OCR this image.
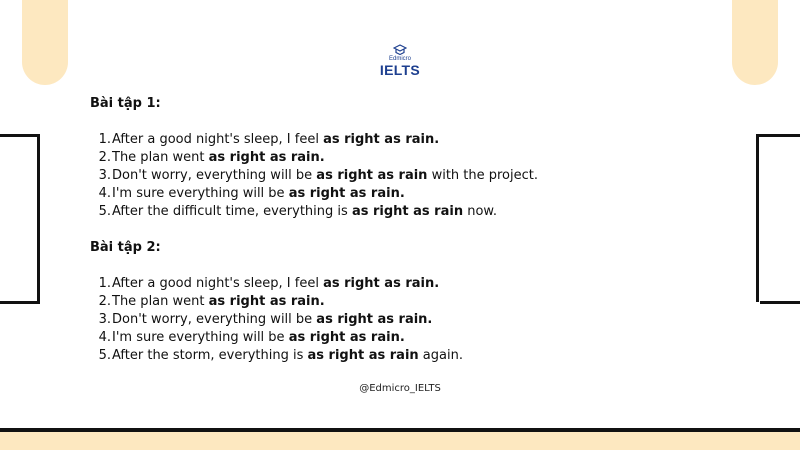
Edmicro
IELTS

Bài tập 1:

1. After a good night's sleep, I feel as right as rain.
2. The plan went as right as rain.
3. Don't worry, everything will be as right as rain with the project.
4. I'm sure everything will be as right as rain.
5. After the difficult time, everything is as right as rain now.

Bài tập 2:

1. After a good night's sleep, I feel as right as rain.
2. The plan went as right as rain.
3. Don't worry, everything will be as right as rain.
4. I'm sure everything will be as right as rain.
5. After the storm, everything is as right as rain again.
@Edmicro_IELTS
